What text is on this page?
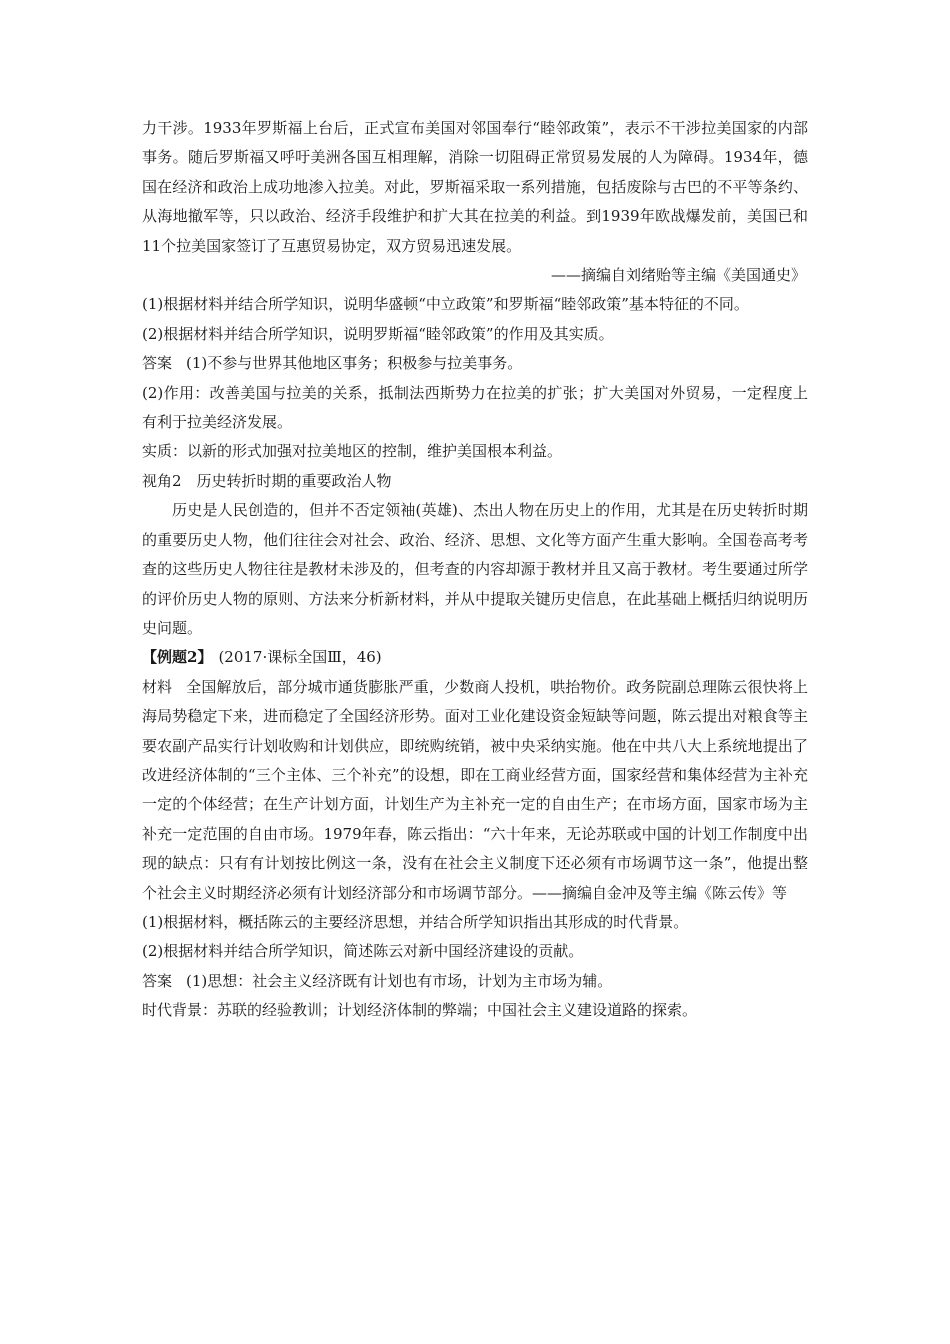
力干涉。1933年罗斯福上台后，正式宣布美国对邻国奉行“睦邻政策”，表示不干涉拉美国家的内部事务。随后罗斯福又呼吁美洲各国互相理解，消除一切阻碍正常贸易发展的人为障碍。1934年，德国在经济和政治上成功地渗入拉美。对此，罗斯福采取一系列措施，包括废除与古巴的不平等条约、从海地撤军等，只以政治、经济手段维护和扩大其在拉美的利益。到1939年欧战爆发前，美国已和11个拉美国家签订了互惠贸易协定，双方贸易迅速发展。

——摘编自刘绪贻等主编《美国通史》

(1)根据材料并结合所学知识，说明华盛顿“中立政策”和罗斯福“睦邻政策”基本特征的不同。

(2)根据材料并结合所学知识，说明罗斯福“睦邻政策”的作用及其实质。

答案 (1)不参与世界其他地区事务；积极参与拉美事务。

(2)作用：改善美国与拉美的关系，抵制法西斯势力在拉美的扩张；扩大美国对外贸易，一定程度上有利于拉美经济发展。

实质：以新的形式加强对拉美地区的控制，维护美国根本利益。

视角2　历史转折时期的重要政治人物

历史是人民创造的，但并不否定领袖(英雄)、杰出人物在历史上的作用，尤其是在历史转折时期的重要历史人物，他们往往会对社会、政治、经济、思想、文化等方面产生重大影响。全国卷高考考查的这些历史人物往往是教材未涉及的，但考查的内容却源于教材并且又高于教材。考生要通过所学的评价历史人物的原则、方法来分析新材料，并从中提取关键历史信息，在此基础上概括归纳说明历史问题。

【例题2】 (2017·课标全国Ⅲ，46)

材料 全国解放后，部分城市通货膨胀严重，少数商人投机，哄抬物价。政务院副总理陈云很快将上海局势稳定下来，进而稳定了全国经济形势。面对工业化建设资金短缺等问题，陈云提出对粮食等主要农副产品实行计划收购和计划供应，即统购统销，被中央采纳实施。他在中共八大上系统地提出了改进经济体制的“三个主体、三个补充”的设想，即在工商业经营方面，国家经营和集体经营为主补充一定的个体经营；在生产计划方面，计划生产为主补充一定的自由生产；在市场方面，国家市场为主补充一定范围的自由市场。1979年春，陈云指出：“六十年来，无论苏联或中国的计划工作制度中出现的缺点：只有有计划按比例这一条，没有在社会主义制度下还必须有市场调节这一条”，他提出整个社会主义时期经济必须有计划经济部分和市场调节部分。——摘编自金冲及等主编《陈云传》等

(1)根据材料，概括陈云的主要经济思想，并结合所学知识指出其形成的时代背景。

(2)根据材料并结合所学知识，简述陈云对新中国经济建设的贡献。

答案 (1)思想：社会主义经济既有计划也有市场，计划为主市场为辅。

时代背景：苏联的经验教训；计划经济体制的弊端；中国社会主义建设道路的探索。
